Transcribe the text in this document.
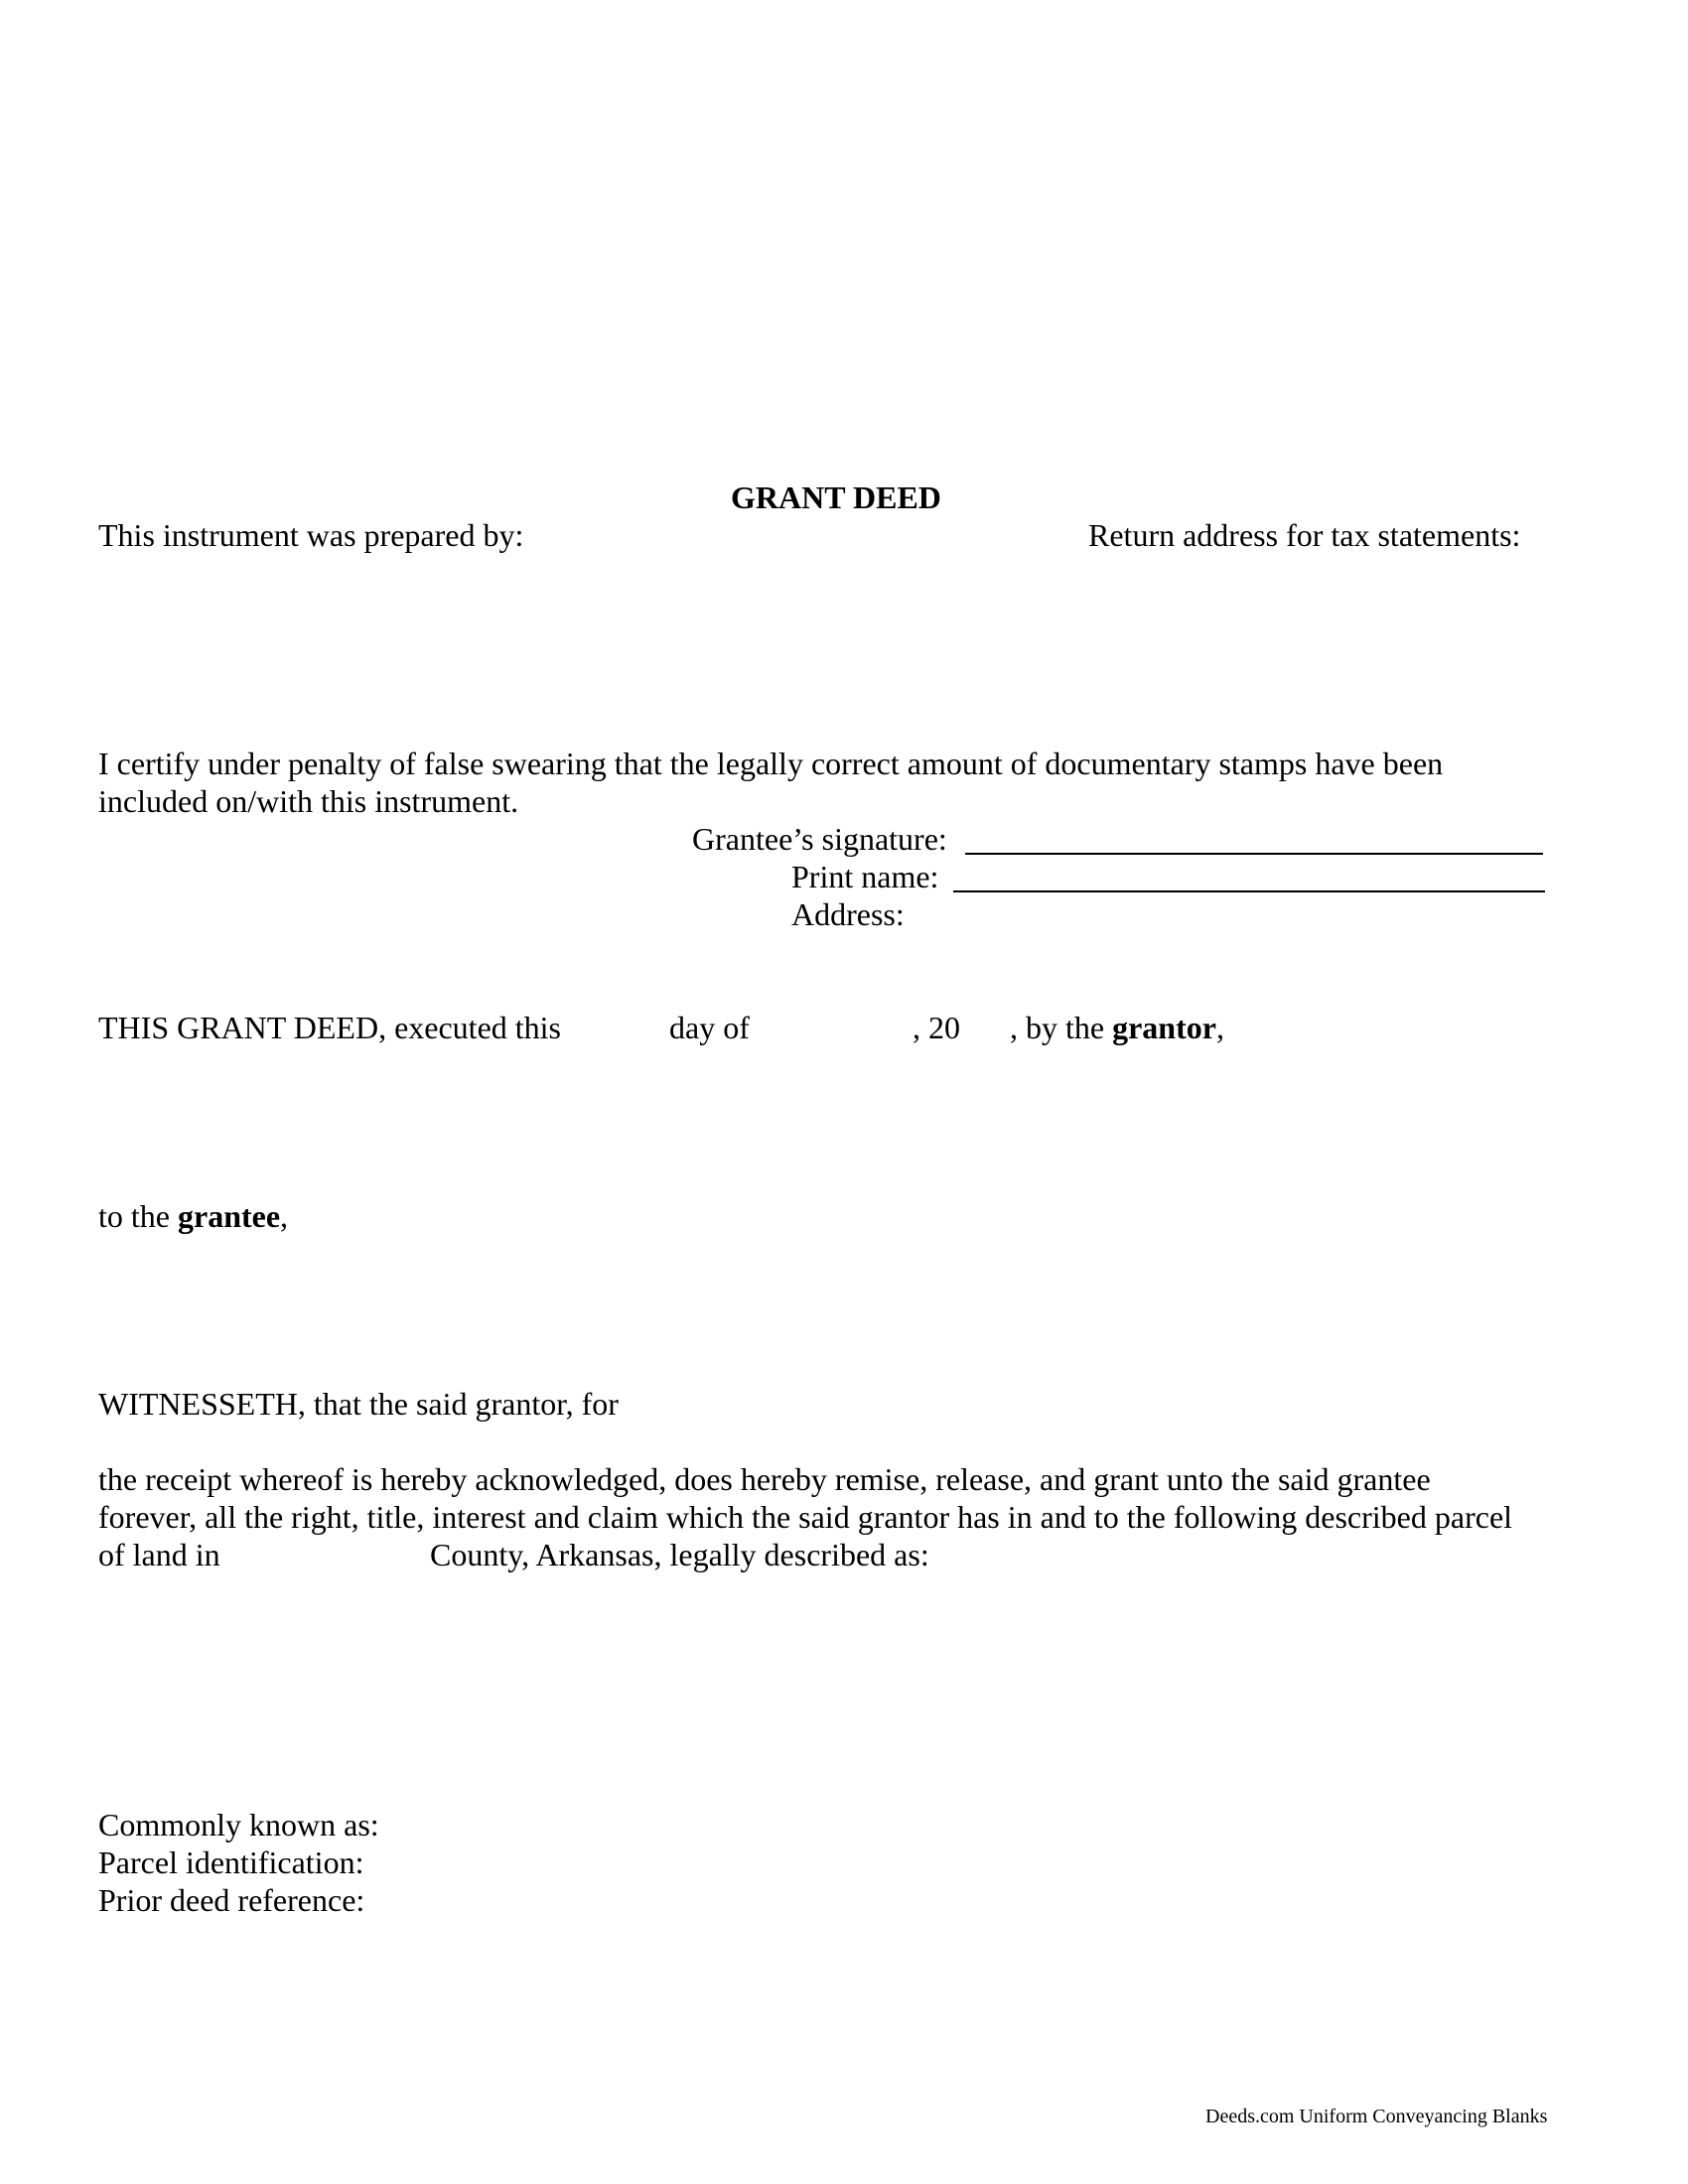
GRANT DEED
This instrument was prepared by:	Return address for tax statements:
I certify under penalty of false swearing that the legally correct amount of documentary stamps have been
included on/with this instrument.
Grantee’s signature:
Print name:
Address:
THIS GRANT DEED, executed this	day of	, 20 , by the grantor,
to the grantee,
WITNESSETH, that the said grantor, for
the receipt whereof is hereby acknowledged, does hereby remise, release, and grant unto the said grantee
forever, all the right, title, interest and claim which the said grantor has in and to the following described parcel
of land in	County, Arkansas, legally described as:
Commonly known as:
Parcel identification:
Prior deed reference:
Deeds.com Uniform Conveyancing Blanks
